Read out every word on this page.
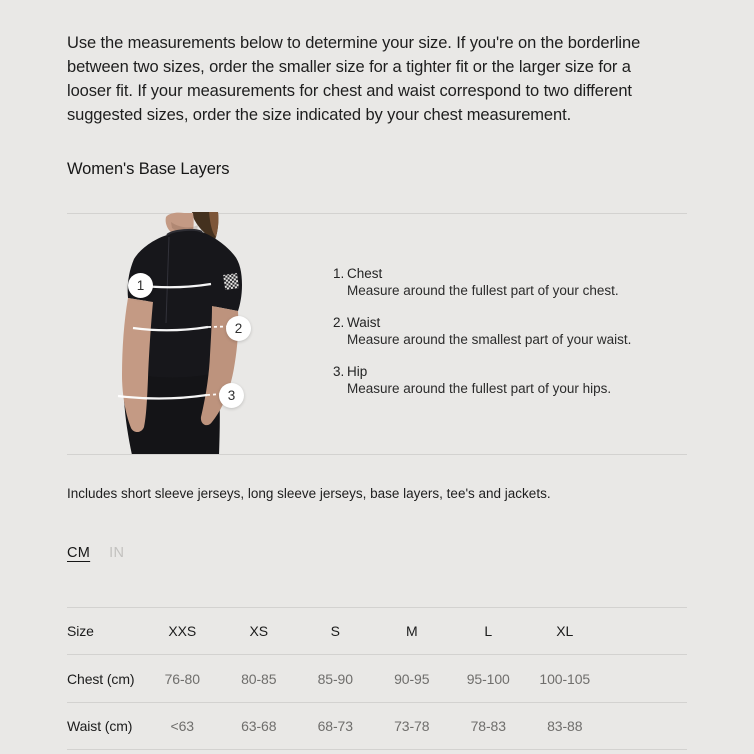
Use the measurements below to determine your size. If you're on the borderline
between two sizes, order the smaller size for a tighter fit or the larger size for a
looser fit. If your measurements for chest and waist correspond to two different
suggested sizes, order the size indicated by your chest measurement.
Women's Base Layers
1
2
3
1. Chest
Measure around the fullest part of your chest.
2. Waist
Measure around the smallest part of your waist.
3. Hip
Measure around the fullest part of your hips.
Includes short sleeve jerseys, long sleeve jerseys, base layers, tee's and jackets.
CM IN
Size	XXS	XS	S	M	L	XL
Chest (cm)	76-80	80-85	85-90	90-95	95-100	100-105
Waist (cm)	<63	63-68	68-73	73-78	78-83	83-88
